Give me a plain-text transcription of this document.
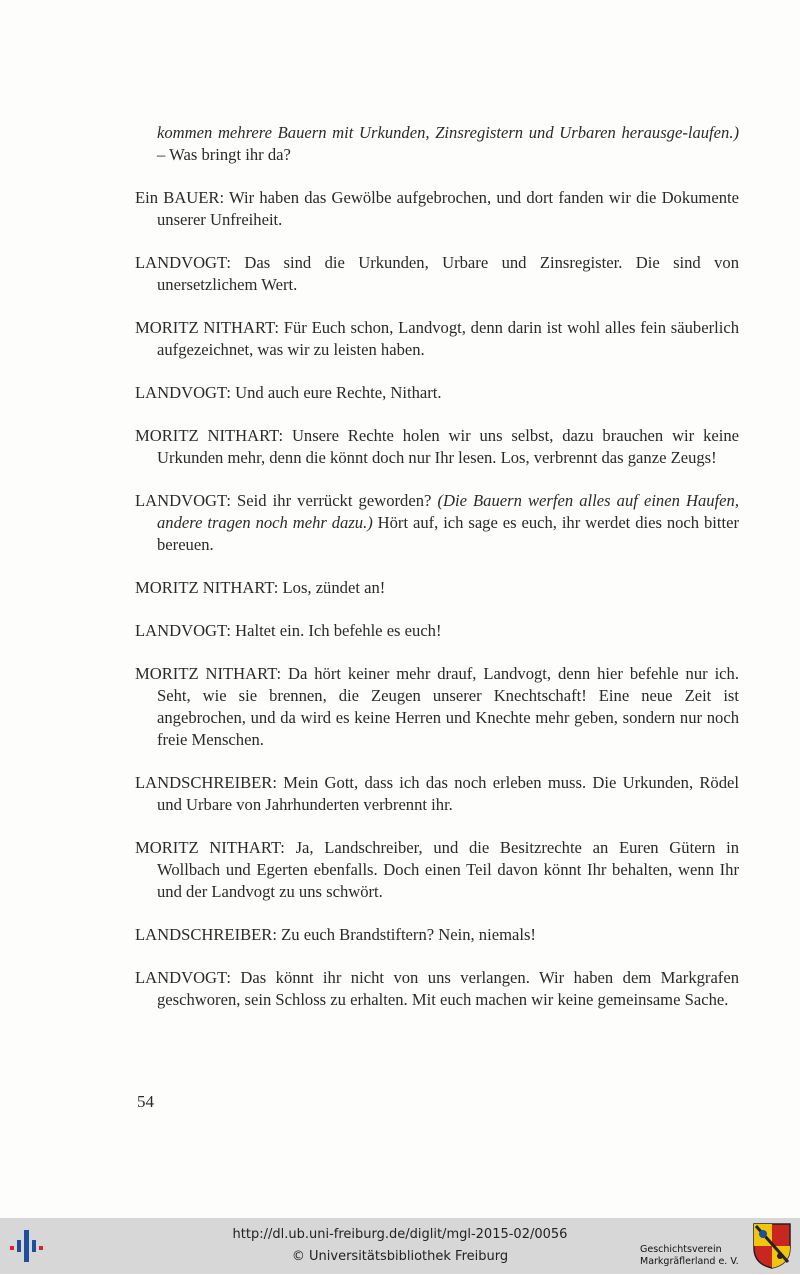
kommen mehrere Bauern mit Urkunden, Zinsregistern und Urbaren herausge-laufen.) – Was bringt ihr da?

Ein BAUER: Wir haben das Gewölbe aufgebrochen, und dort fanden wir die Dokumente unserer Unfreiheit.

LANDVOGT: Das sind die Urkunden, Urbare und Zinsregister. Die sind von unersetzlichem Wert.

MORITZ NITHART: Für Euch schon, Landvogt, denn darin ist wohl alles fein säuberlich aufgezeichnet, was wir zu leisten haben.

LANDVOGT: Und auch eure Rechte, Nithart.

MORITZ NITHART: Unsere Rechte holen wir uns selbst, dazu brauchen wir keine Urkunden mehr, denn die könnt doch nur Ihr lesen. Los, verbrennt das ganze Zeugs!

LANDVOGT: Seid ihr verrückt geworden? (Die Bauern werfen alles auf einen Haufen, andere tragen noch mehr dazu.) Hört auf, ich sage es euch, ihr werdet dies noch bitter bereuen.

MORITZ NITHART: Los, zündet an!

LANDVOGT: Haltet ein. Ich befehle es euch!

MORITZ NITHART: Da hört keiner mehr drauf, Landvogt, denn hier befehle nur ich. Seht, wie sie brennen, die Zeugen unserer Knechtschaft! Eine neue Zeit ist angebrochen, und da wird es keine Herren und Knechte mehr geben, sondern nur noch freie Menschen.

LANDSCHREIBER: Mein Gott, dass ich das noch erleben muss. Die Urkunden, Rödel und Urbare von Jahrhunderten verbrennt ihr.

MORITZ NITHART: Ja, Landschreiber, und die Besitzrechte an Euren Gütern in Wollbach und Egerten ebenfalls. Doch einen Teil davon könnt Ihr behalten, wenn Ihr und der Landvogt zu uns schwört.

LANDSCHREIBER: Zu euch Brandstiftern? Nein, niemals!

LANDVOGT: Das könnt ihr nicht von uns verlangen. Wir haben dem Markgrafen geschworen, sein Schloss zu erhalten. Mit euch machen wir keine gemeinsame Sache.

54
http://dl.ub.uni-freiburg.de/diglit/mgl-2015-02/0056
© Universitätsbibliothek Freiburg	Geschichtsverein
Markgräflerland e. V.
